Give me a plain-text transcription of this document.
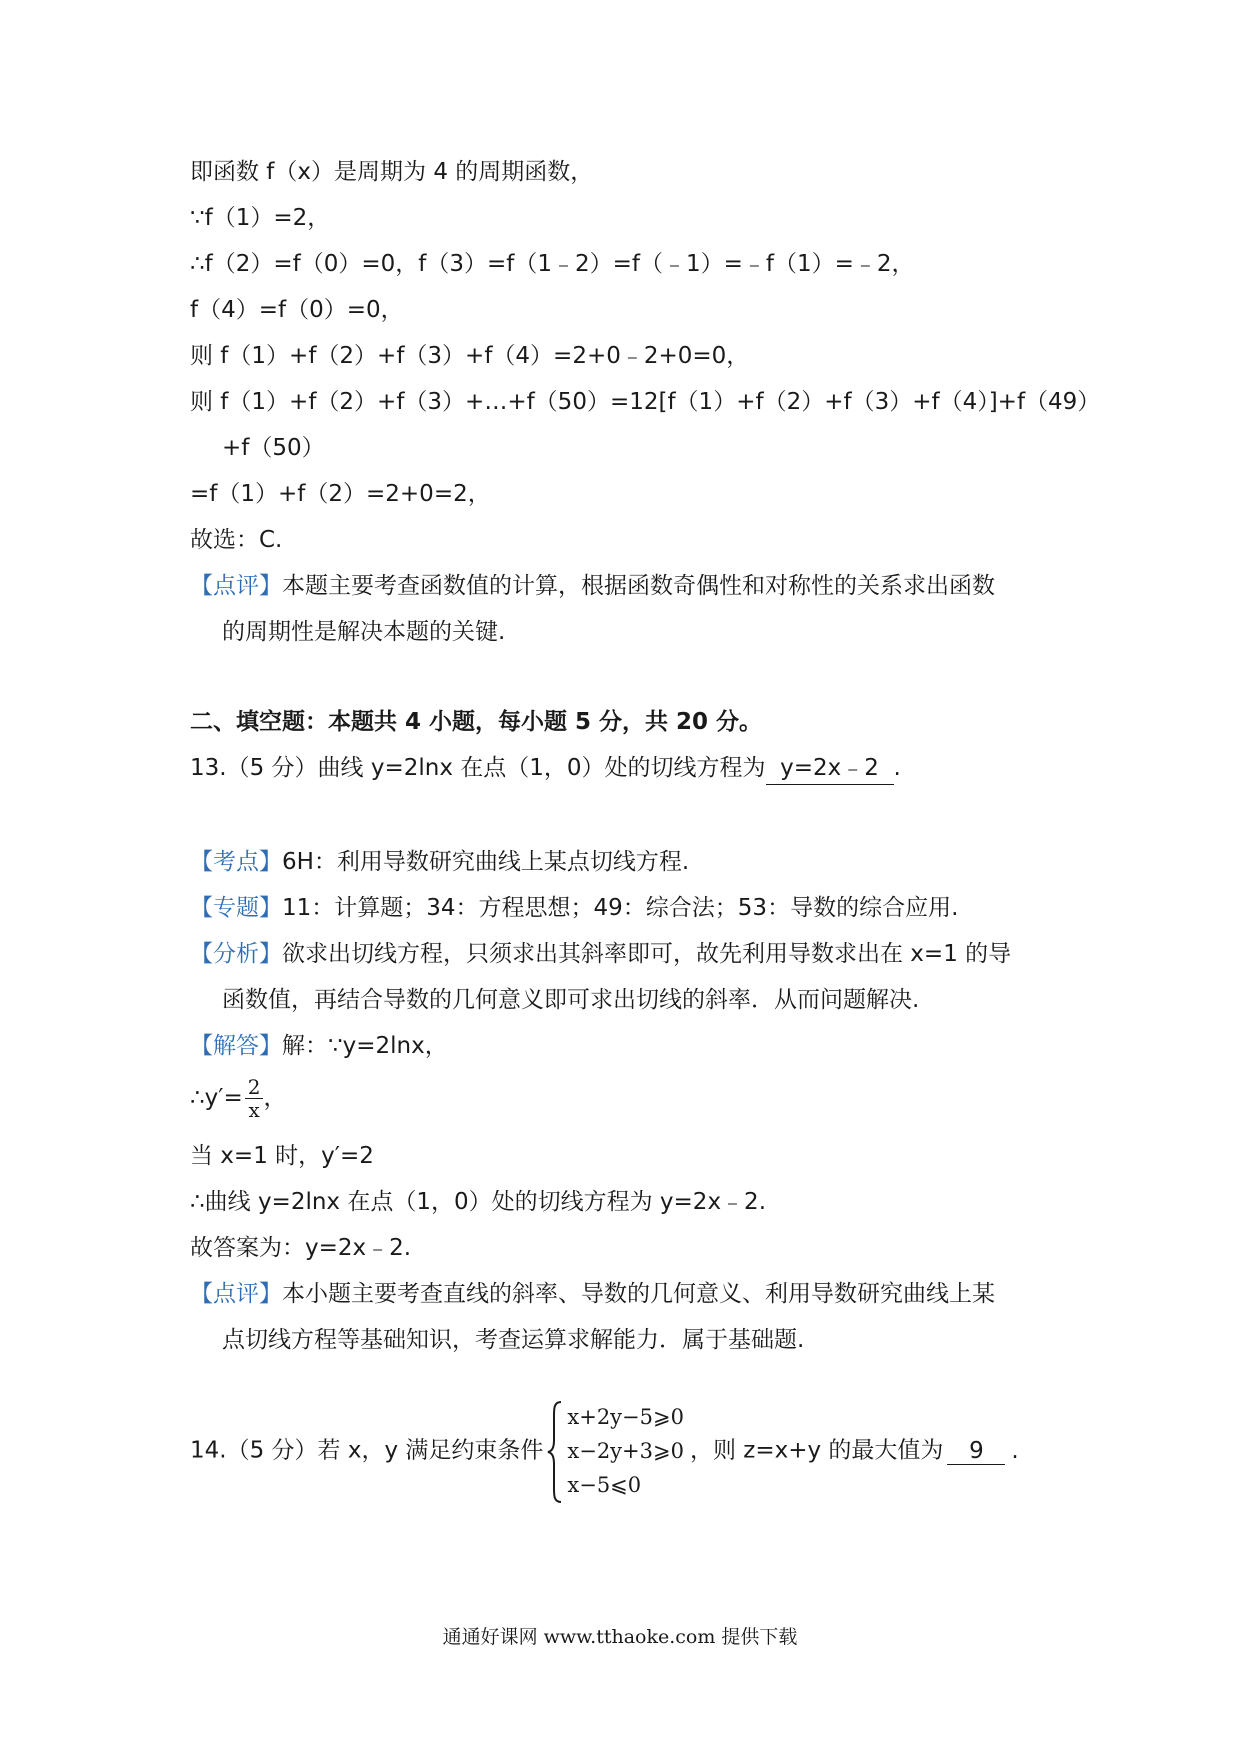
即函数 f（x）是周期为 4 的周期函数，
∵f（1）=2，
∴f（2）=f（0）=0，f（3）=f（1﹣2）=f（﹣1）=﹣f（1）=﹣2，
f（4）=f（0）=0，
则 f（1）+f（2）+f（3）+f（4）=2+0﹣2+0=0，
则 f（1）+f（2）+f（3）+…+f（50）=12[f（1）+f（2）+f（3）+f（4）]+f（49）
+f（50）
=f（1）+f（2）=2+0=2，
故选：C.
【点评】本题主要考查函数值的计算，根据函数奇偶性和对称性的关系求出函数
的周期性是解决本题的关键.
二、填空题：本题共 4 小题，每小题 5 分，共 20 分。
13.（5 分）曲线 y=2lnx 在点（1，0）处的切线方程为 y=2x﹣2 .
【考点】6H：利用导数研究曲线上某点切线方程.
【专题】11：计算题；34：方程思想；49：综合法；53：导数的综合应用.
【分析】欲求出切线方程，只须求出其斜率即可，故先利用导数求出在 x=1 的导
函数值，再结合导数的几何意义即可求出切线的斜率．从而问题解决.
【解答】解：∵y=2lnx，
∴y′= $\frac{2}{x}$ ，
当 x=1 时，y′=2
∴曲线 y=2lnx 在点（1，0）处的切线方程为 y=2x﹣2.
故答案为：y=2x﹣2.
【点评】本小题主要考查直线的斜率、导数的几何意义、利用导数研究曲线上某
点切线方程等基础知识，考查运算求解能力．属于基础题.
14.（5 分）若 x，y 满足约束条件
x+2y−5⩾0
x−2y+3⩾0
x−5⩽0
，则 z=x+y 的最大值为 9 .
通通好课网 www.tthaoke.com 提供下载
